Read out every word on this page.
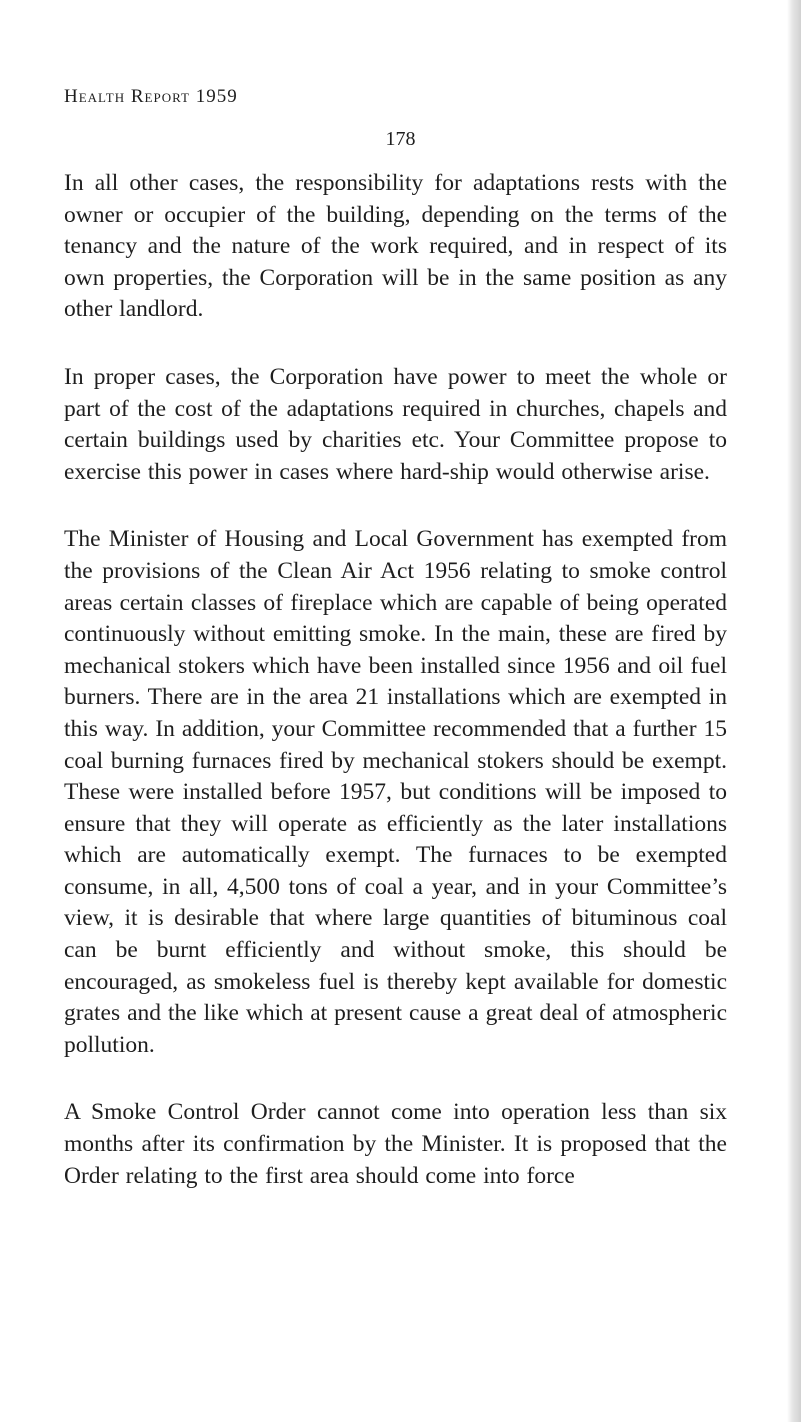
Health Report 1959
178

In all other cases, the responsibility for adaptations rests with the owner or occupier of the building, depending on the terms of the tenancy and the nature of the work required, and in respect of its own properties, the Corporation will be in the same position as any other landlord.

In proper cases, the Corporation have power to meet the whole or part of the cost of the adaptations required in churches, chapels and certain buildings used by charities etc. Your Committee propose to exercise this power in cases where hard-ship would otherwise arise.

The Minister of Housing and Local Government has exempted from the provisions of the Clean Air Act 1956 relating to smoke control areas certain classes of fireplace which are capable of being operated continuously without emitting smoke. In the main, these are fired by mechanical stokers which have been installed since 1956 and oil fuel burners. There are in the area 21 installations which are exempted in this way. In addition, your Committee recommended that a further 15 coal burning furnaces fired by mechanical stokers should be exempt. These were installed before 1957, but conditions will be imposed to ensure that they will operate as efficiently as the later installations which are automatically exempt. The furnaces to be exempted consume, in all, 4,500 tons of coal a year, and in your Committee’s view, it is desirable that where large quantities of bituminous coal can be burnt efficiently and without smoke, this should be encouraged, as smokeless fuel is thereby kept available for domestic grates and the like which at present cause a great deal of atmospheric pollution.

A Smoke Control Order cannot come into operation less than six months after its confirmation by the Minister. It is proposed that the Order relating to the first area should come into force
